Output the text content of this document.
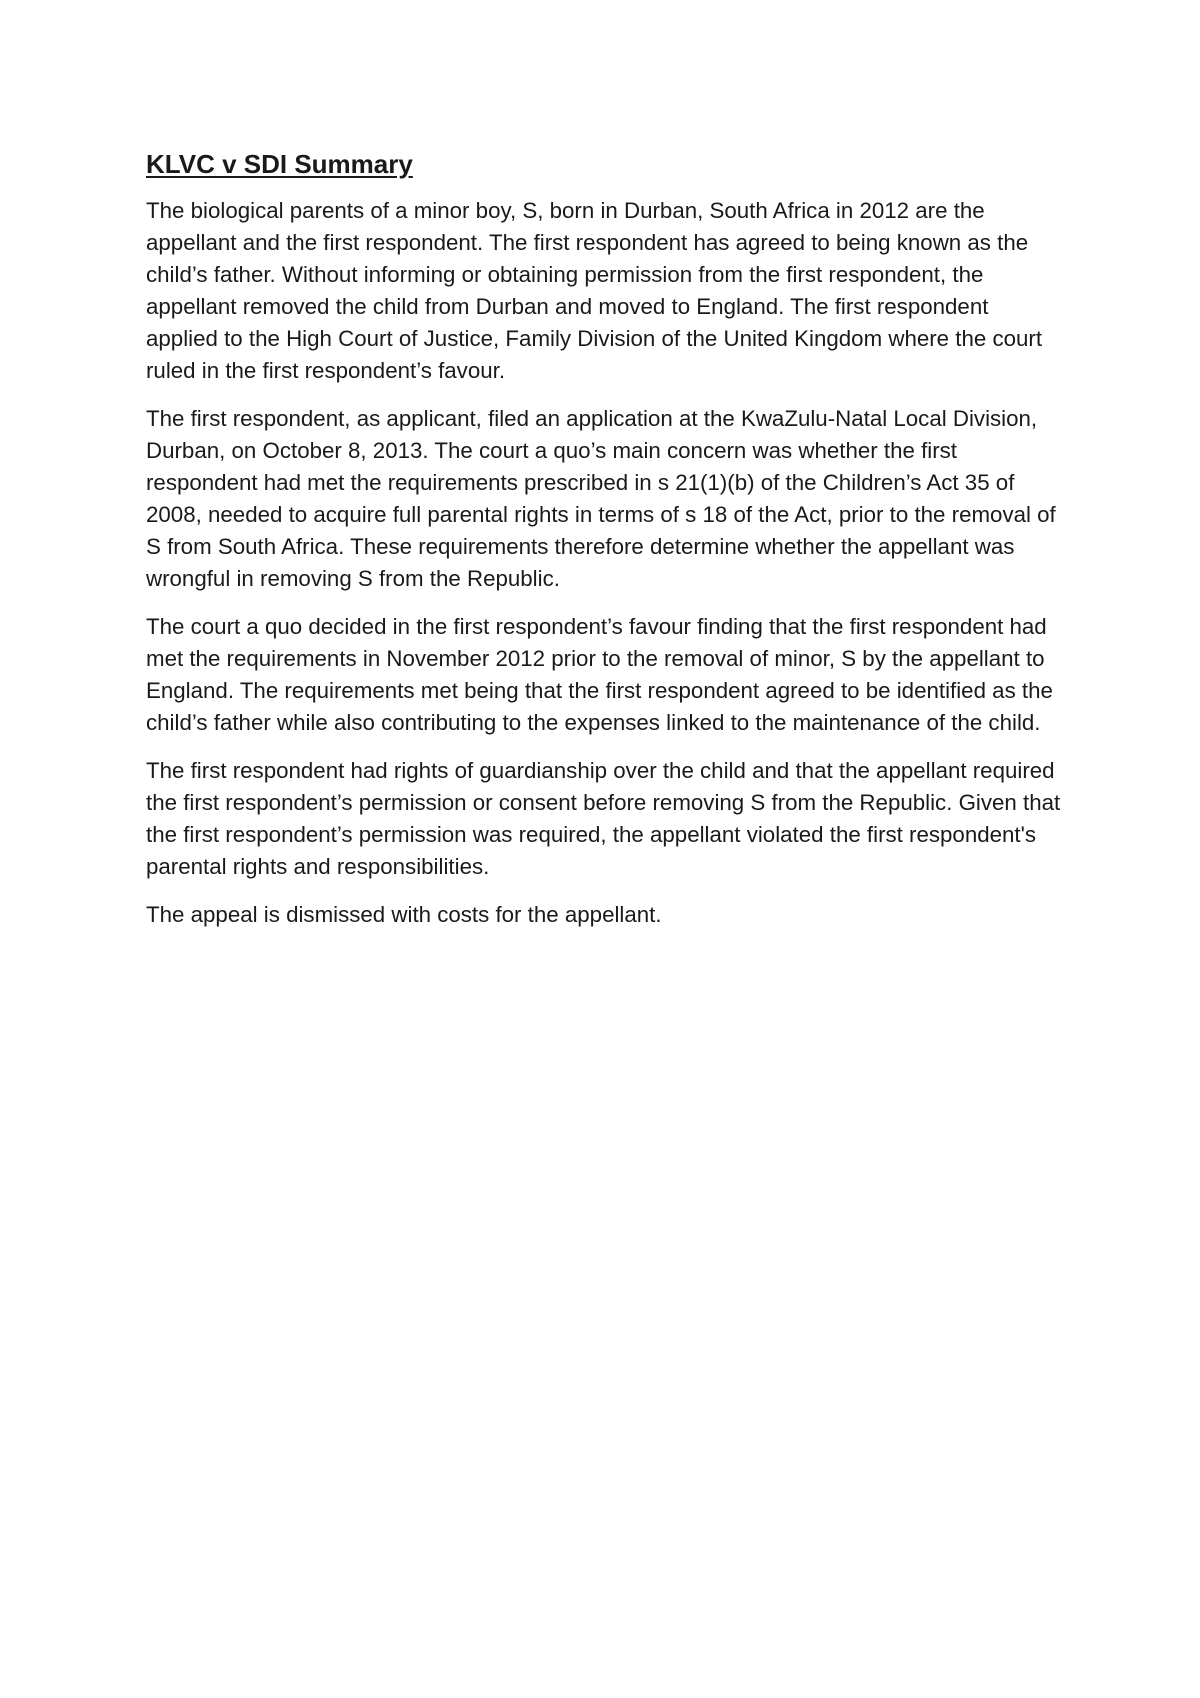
KLVC v SDI Summary

The biological parents of a minor boy, S, born in Durban, South Africa in 2012 are the appellant and the first respondent. The first respondent has agreed to being known as the child’s father. Without informing or obtaining permission from the first respondent, the appellant removed the child from Durban and moved to England. The first respondent applied to the High Court of Justice, Family Division of the United Kingdom where the court ruled in the first respondent’s favour.

The first respondent, as applicant, filed an application at the KwaZulu-Natal Local Division, Durban, on October 8, 2013. The court a quo’s main concern was whether the first respondent had met the requirements prescribed in s 21(1)(b) of the Children’s Act 35 of 2008, needed to acquire full parental rights in terms of s 18 of the Act, prior to the removal of S from South Africa. These requirements therefore determine whether the appellant was wrongful in removing S from the Republic.

The court a quo decided in the first respondent’s favour finding that the first respondent had met the requirements in November 2012 prior to the removal of minor, S by the appellant to England. The requirements met being that the first respondent agreed to be identified as the child’s father while also contributing to the expenses linked to the maintenance of the child.

The first respondent had rights of guardianship over the child and that the appellant required the first respondent’s permission or consent before removing S from the Republic. Given that the first respondent’s permission was required, the appellant violated the first respondent's parental rights and responsibilities.

The appeal is dismissed with costs for the appellant.
